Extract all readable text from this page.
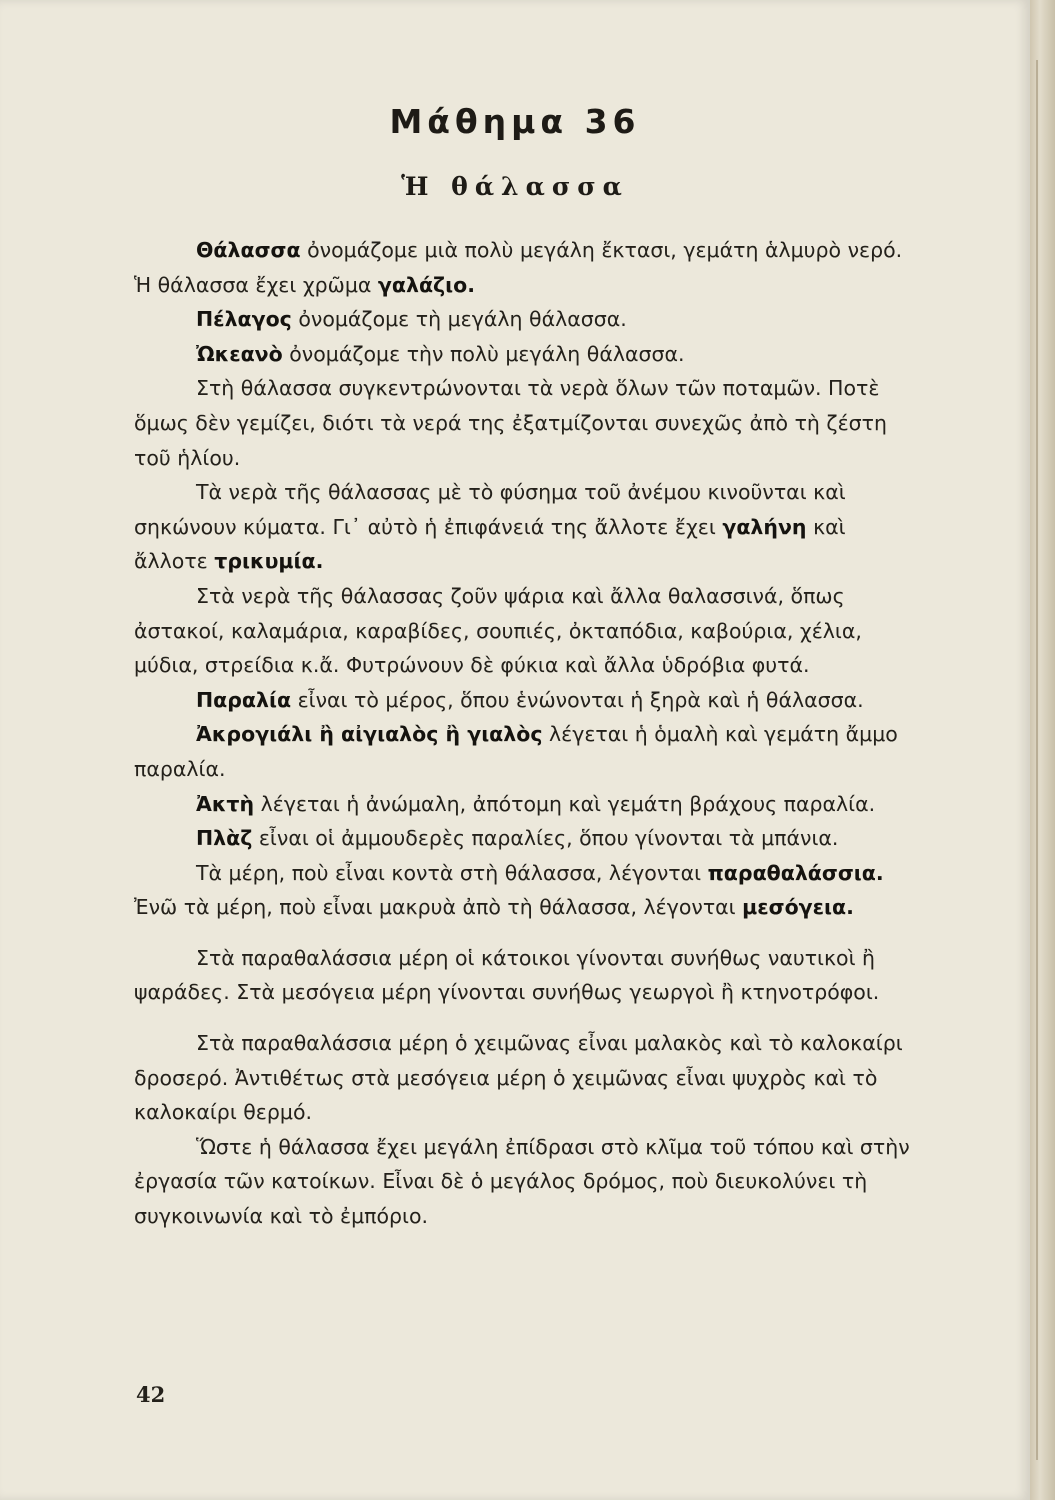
Μάθημα 36
Ἡ θάλασσα

Θάλασσα ὀνομάζομε μιὰ πολὺ μεγάλη ἔκτασι, γεμάτη ἁλμυρὸ νερό. Ἡ θάλασσα ἔχει χρῶμα γαλάζιο.

Πέλαγος ὀνομάζομε τὴ μεγάλη θάλασσα.

Ὠκεανὸ ὀνομάζομε τὴν πολὺ μεγάλη θάλασσα.

Στὴ θάλασσα συγκεντρώνονται τὰ νερὰ ὅλων τῶν ποταμῶν. Ποτὲ ὅμως δὲν γεμίζει, διότι τὰ νερά της ἐξατμίζονται συνεχῶς ἀπὸ τὴ ζέστη τοῦ ἡλίου.

Τὰ νερὰ τῆς θάλασσας μὲ τὸ φύσημα τοῦ ἀνέμου κινοῦνται καὶ σηκώνουν κύματα. Γι᾿ αὐτὸ ἡ ἐπιφάνειά της ἄλλοτε ἔχει γαλήνη καὶ ἄλλοτε τρικυμία.

Στὰ νερὰ τῆς θάλασσας ζοῦν ψάρια καὶ ἄλλα θαλασσινά, ὅπως ἀστακοί, καλαμάρια, καραβίδες, σουπιές, ὀκταπόδια, καβούρια, χέλια, μύδια, στρείδια κ.ἄ. Φυτρώνουν δὲ φύκια καὶ ἄλλα ὑδρόβια φυτά.

Παραλία εἶναι τὸ μέρος, ὅπου ἑνώνονται ἡ ξηρὰ καὶ ἡ θάλασσα.

Ἀκρογιάλι ἢ αἰγιαλὸς ἢ γιαλὸς λέγεται ἡ ὁμαλὴ καὶ γεμάτη ἄμμο παραλία.

Ἀκτὴ λέγεται ἡ ἀνώμαλη, ἀπότομη καὶ γεμάτη βράχους παραλία.

Πλὰζ εἶναι οἱ ἀμμουδερὲς παραλίες, ὅπου γίνονται τὰ μπάνια.

Τὰ μέρη, ποὺ εἶναι κοντὰ στὴ θάλασσα, λέγονται παραθαλάσσια. Ἐνῶ τὰ μέρη, ποὺ εἶναι μακρυὰ ἀπὸ τὴ θάλασσα, λέγονται μεσόγεια.

Στὰ παραθαλάσσια μέρη οἱ κάτοικοι γίνονται συνήθως ναυτικοὶ ἢ ψαράδες. Στὰ μεσόγεια μέρη γίνονται συνήθως γεωργοὶ ἢ κτηνοτρόφοι.

Στὰ παραθαλάσσια μέρη ὁ χειμῶνας εἶναι μαλακὸς καὶ τὸ καλοκαίρι δροσερό. Ἀντιθέτως στὰ μεσόγεια μέρη ὁ χειμῶνας εἶναι ψυχρὸς καὶ τὸ καλοκαίρι θερμό.

Ὥστε ἡ θάλασσα ἔχει μεγάλη ἐπίδρασι στὸ κλῖμα τοῦ τόπου καὶ στὴν ἐργασία τῶν κατοίκων. Εἶναι δὲ ὁ μεγάλος δρόμος, ποὺ διευκολύνει τὴ συγκοινωνία καὶ τὸ ἐμπόριο.

42
